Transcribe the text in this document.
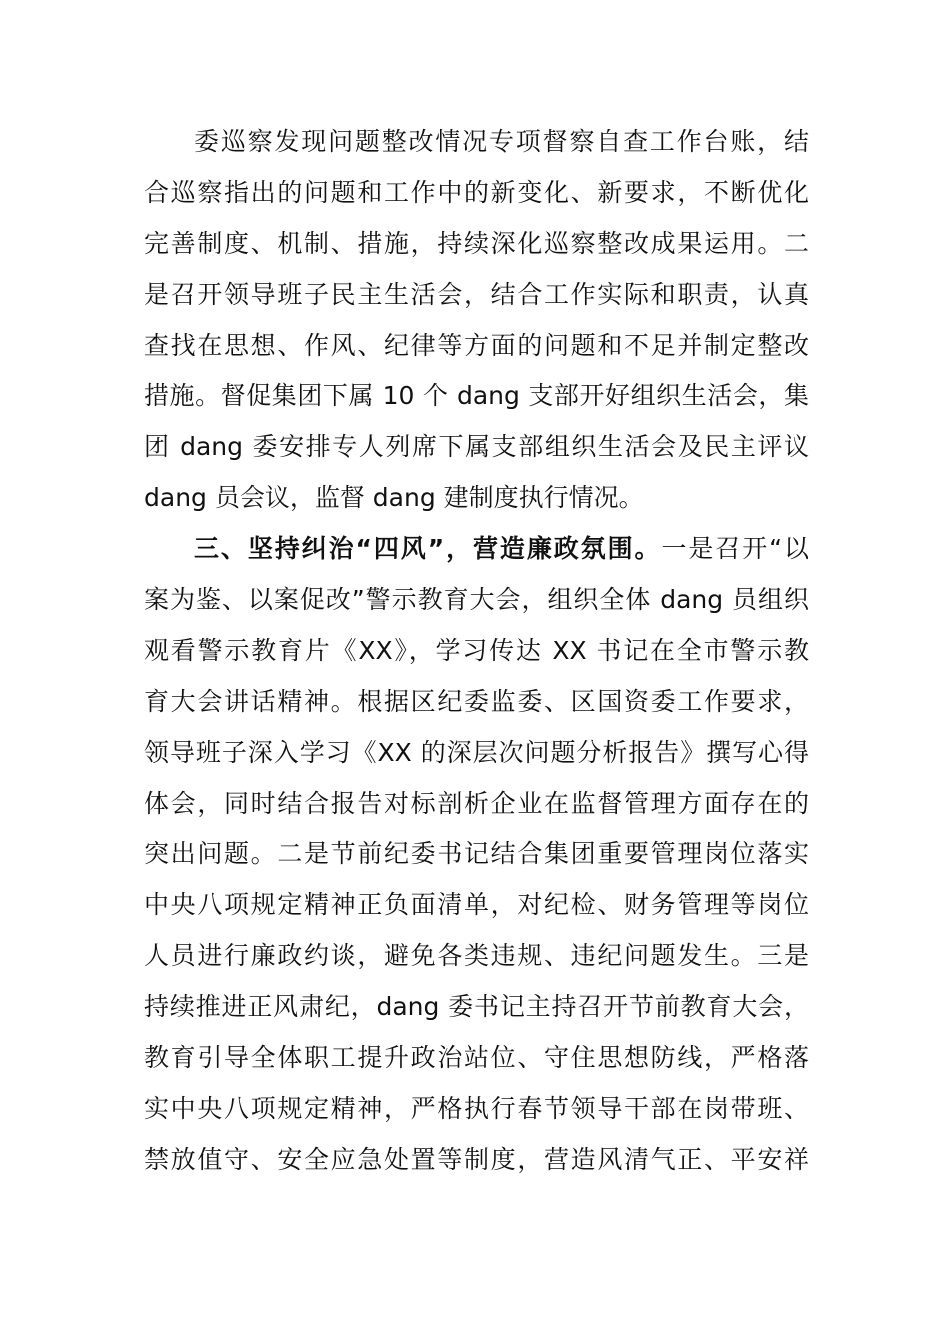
委巡察发现问题整改情况专项督察自查工作台账，结
合巡察指出的问题和工作中的新变化、新要求，不断优化
完善制度、机制、措施，持续深化巡察整改成果运用。二
是召开领导班子民主生活会，结合工作实际和职责，认真
查找在思想、作风、纪律等方面的问题和不足并制定整改
措施。督促集团下属 10 个 dang 支部开好组织生活会，集
团 dang 委安排专人列席下属支部组织生活会及民主评议
dang 员会议，监督 dang 建制度执行情况。
三、坚持纠治“四风”，营造廉政氛围。一是召开“以
案为鉴、以案促改”警示教育大会，组织全体 dang 员组织
观看警示教育片《XX》，学习传达 XX 书记在全市警示教
育大会讲话精神。根据区纪委监委、区国资委工作要求，
领导班子深入学习《XX 的深层次问题分析报告》撰写心得
体会，同时结合报告对标剖析企业在监督管理方面存在的
突出问题。二是节前纪委书记结合集团重要管理岗位落实
中央八项规定精神正负面清单，对纪检、财务管理等岗位
人员进行廉政约谈，避免各类违规、违纪问题发生。三是
持续推进正风肃纪，dang 委书记主持召开节前教育大会，
教育引导全体职工提升政治站位、守住思想防线，严格落
实中央八项规定精神，严格执行春节领导干部在岗带班、
禁放值守、安全应急处置等制度，营造风清气正、平安祥
